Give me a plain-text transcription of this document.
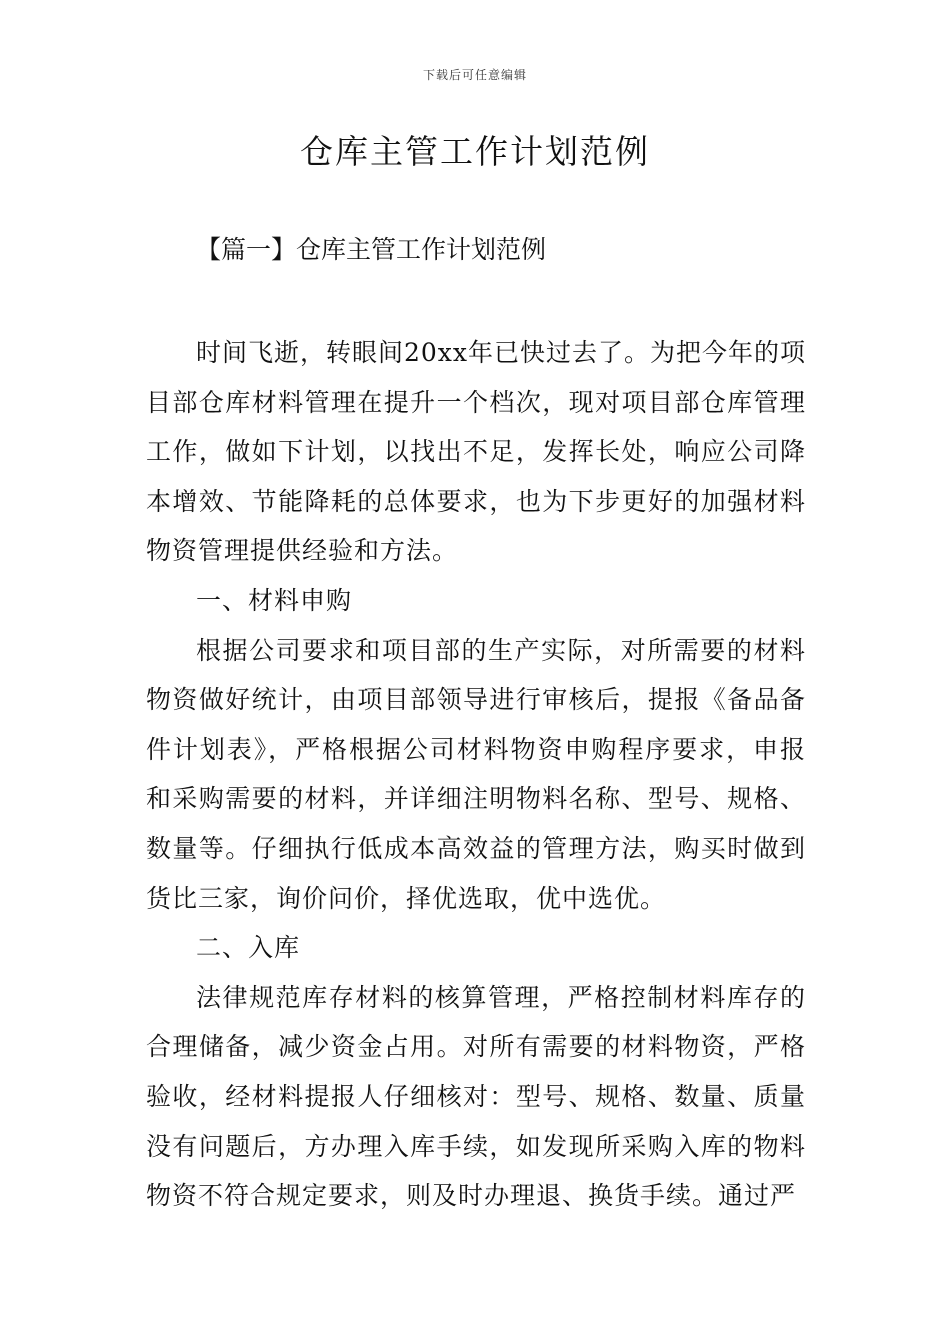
下载后可任意编辑
仓库主管工作计划范例
【篇一】仓库主管工作计划范例

时间飞逝，转眼间20xx年已快过去了。为把今年的项目部仓库材料管理在提升一个档次，现对项目部仓库管理工作，做如下计划，以找出不足，发挥长处，响应公司降本增效、节能降耗的总体要求，也为下步更好的加强材料物资管理提供经验和方法。

一、材料申购

根据公司要求和项目部的生产实际，对所需要的材料物资做好统计，由项目部领导进行审核后，提报《备品备件计划表》，严格根据公司材料物资申购程序要求，申报和采购需要的材料，并详细注明物料名称、型号、规格、数量等。仔细执行低成本高效益的管理方法，购买时做到货比三家，询价问价，择优选取，优中选优。

二、入库

法律规范库存材料的核算管理，严格控制材料库存的合理储备，减少资金占用。对所有需要的材料物资，严格验收，经材料提报人仔细核对：型号、规格、数量、质量没有问题后，方办理入库手续，如发现所采购入库的物料物资不符合规定要求，则及时办理退、换货手续。通过严
